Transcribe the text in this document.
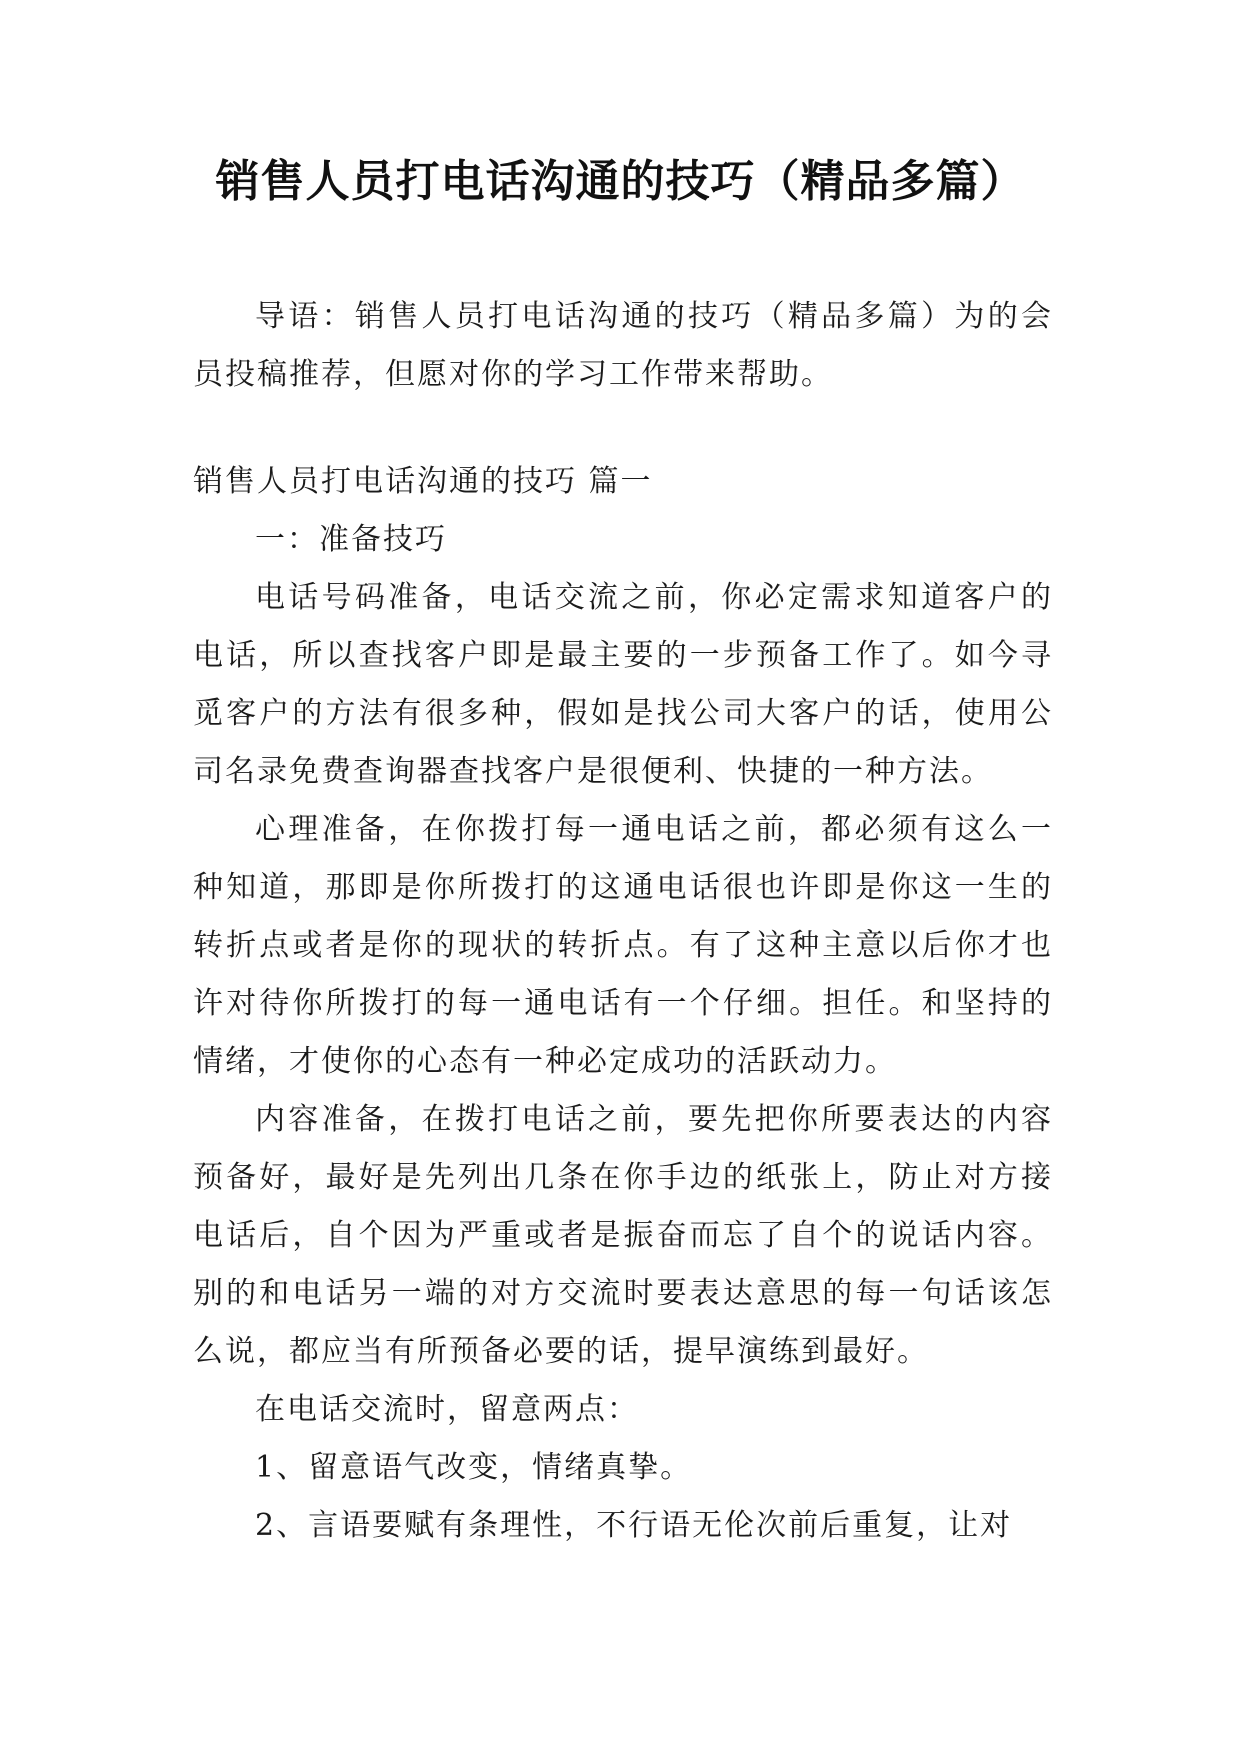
销售人员打电话沟通的技巧（精品多篇）

导语：销售人员打电话沟通的技巧（精品多篇）为的会员投稿推荐，但愿对你的学习工作带来帮助。

销售人员打电话沟通的技巧 篇一

一：准备技巧

电话号码准备，电话交流之前，你必定需求知道客户的电话，所以查找客户即是最主要的一步预备工作了。如今寻觅客户的方法有很多种，假如是找公司大客户的话，使用公司名录免费查询器查找客户是很便利、快捷的一种方法。

心理准备，在你拨打每一通电话之前，都必须有这么一种知道，那即是你所拨打的这通电话很也许即是你这一生的转折点或者是你的现状的转折点。有了这种主意以后你才也许对待你所拨打的每一通电话有一个仔细。担任。和坚持的情绪，才使你的心态有一种必定成功的活跃动力。

内容准备，在拨打电话之前，要先把你所要表达的内容预备好，最好是先列出几条在你手边的纸张上，防止对方接电话后，自个因为严重或者是振奋而忘了自个的说话内容。别的和电话另一端的对方交流时要表达意思的每一句话该怎么说，都应当有所预备必要的话，提早演练到最好。

在电话交流时，留意两点：

1、留意语气改变，情绪真挚。

2、言语要赋有条理性，不行语无伦次前后重复，让对
